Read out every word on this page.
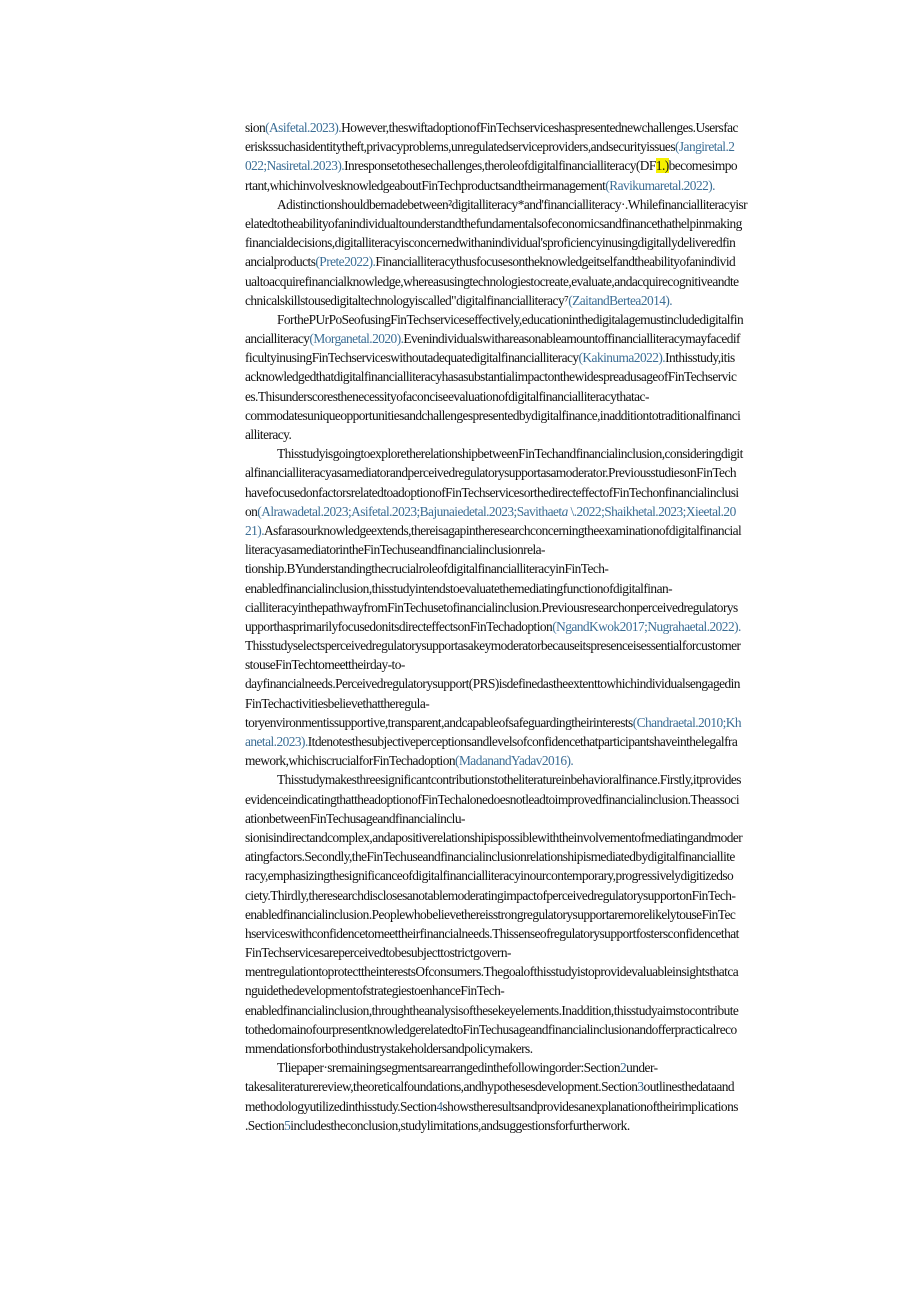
sion(Asifetal.2023).However,theswiftadoptionofFinTechserviceshaspresentednewchallenges.Usersfac
eriskssuchasidentitytheft,privacyproblems,unregulatedserviceproviders,andsecurityissues(Jangiretal.2
022;Nasiretal.2023).Inresponsetothesechallenges,theroleofdigitalfinancialliteracy(DF1.)becomesimpo
rtant,whichinvolvesknowledgeaboutFinTechproductsandtheirmanagement(Ravikumaretal.2022).
Adistinctionshouldbemadebetween²digitalliteracy*and'financialliteracy·.Whilefinancialliteracyisr
elatedtotheabilityofanindividualtounderstandthefundamentalsofeconomicsandfinancethathelpinmaking
financialdecisions,digitalliteracyisconcernedwithanindividual'sproficiencyinusingdigitallydeliveredfin
ancialproducts(Prete2022).Financialliteracythusfocusesontheknowledgeitselfandtheabilityofanindivid
ualtoacquirefinancialknowledge,whereasusingtechnologiestocreate,evaluate,andacquirecognitiveandte
chnicalskillstousedigitaltechnologyiscalled"digitalfinancialliteracy⁷(ZaitandBertea2014).
ForthePUrPoSeofusingFinTechserviceseffectively,educationinthedigitalagemustincludedigitalfin
ancialliteracy(Morganetal.2020).Evenindividualswithareasonableamountoffinancialliteracymayfacedif
ficultyinusingFinTechserviceswithoutadequatedigitalfinancialliteracy(Kakinuma2022).Inthisstudy,itis
acknowledgedthatdigitalfinancialliteracyhasasubstantialimpactonthewidespreadusageofFinTechservic
es.Thisunderscoresthenecessityofaconciseevaluationofdigitalfinancialliteracythatac-
commodatesuniqueopportunitiesandchallengespresentedbydigitalfinance,inadditiontotraditionalfinanci
alliteracy.
ThisstudyisgoingtoexploretherelationshipbetweenFinTechandfinancialinclusion,consideringdigit
alfinancialliteracyasamediatorandperceivedregulatorysupportasamoderator.PreviousstudiesonFinTech
havefocusedonfactorsrelatedtoadoptionofFinTechservicesorthedirecteffectofFinTechonfinancialinclusi
on(Alrawadetal.2023;Asifetal.2023;Bajunaiedetal.2023;Savithaeta \.2022;Shaikhetal.2023;Xieetal.20
21).Asfarasourknowledgeextends,thereisagapintheresearchconcerningtheexaminationofdigitalfinancial
literacyasamediatorintheFinTechuseandfinancialinclusionrela-
tionship.BYunderstandingthecrucialroleofdigitalfinancialliteracyinFinTech-
enabledfinancialinclusion,thisstudyintendstoevaluatethemediatingfunctionofdigitalfinan-
cialliteracyinthepathwayfromFinTechusetofinancialinclusion.Previousresearchonperceivedregulatorys
upporthasprimarilyfocusedonitsdirecteffectsonFinTechadoption(NgandKwok2017;Nugrahaetal.2022).
Thisstudyselectsperceivedregulatorysupportasakeymoderatorbecauseitspresenceisessentialforcustomer
stouseFinTechtomeettheirday-to-
dayfinancialneeds.Perceivedregulatorysupport(PRS)isdefinedastheextenttowhichindividualsengagedin
FinTechactivitiesbelievethattheregula-
toryenvironmentissupportive,transparent,andcapableofsafeguardingtheirinterests(Chandraetal.2010;Kh
anetal.2023).Itdenotesthesubjectiveperceptionsandlevelsofconfidencethatparticipantshaveinthelegalfra
mework,whichiscrucialforFinTechadoption(MadanandYadav2016).
Thisstudymakesthreesignificantcontributionstotheliteratureinbehavioralfinance.Firstly,itprovides
evidenceindicatingthattheadoptionofFinTechalonedoesnotleadtoimprovedfinancialinclusion.Theassoci
ationbetweenFinTechusageandfinancialinclu-
sionisindirectandcomplex,andapositiverelationshipispossiblewiththeinvolvementofmediatingandmoder
atingfactors.Secondly,theFinTechuseandfinancialinclusionrelationshipismediatedbydigitalfinanciallite
racy,emphasizingthesignificanceofdigitalfinancialliteracyinourcontemporary,progressivelydigitizedso
ciety.Thirdly,theresearchdisclosesanotablemoderatingimpactofperceivedregulatorysupportonFinTech-
enabledfinancialinclusion.PeoplewhobelievethereisstrongregulatorysupportaremorelikelytouseFinTec
hserviceswithconfidencetomeettheirfinancialneeds.Thissenseofregulatorysupportfostersconfidencethat
FinTechservicesareperceivedtobesubjecttostrictgovern-
mentregulationtoprotecttheinterestsOfconsumers.Thegoalofthisstudyistoprovidevaluableinsightsthatca
nguidethedevelopmentofstrategiestoenhanceFinTech-
enabledfinancialinclusion,throughtheanalysisofthesekeyelements.Inaddition,thisstudyaimstocontribute
tothedomainofourpresentknowledgerelatedtoFinTechusageandfinancialinclusionandofferpracticalreco
mmendationsforbothindustrystakeholdersandpolicymakers.
Tliepaper·sremainingsegmentsarearrangedinthefollowingorder:Section2under-
takesaliteraturereview,theoreticalfoundations,andhypothesesdevelopment.Section3outlinesthedataand
methodologyutilizedinthisstudy.Section4showstheresultsandprovidesanexplanationoftheirimplications
.Section5includestheconclusion,studylimitations,andsuggestionsforfurtherwork.
